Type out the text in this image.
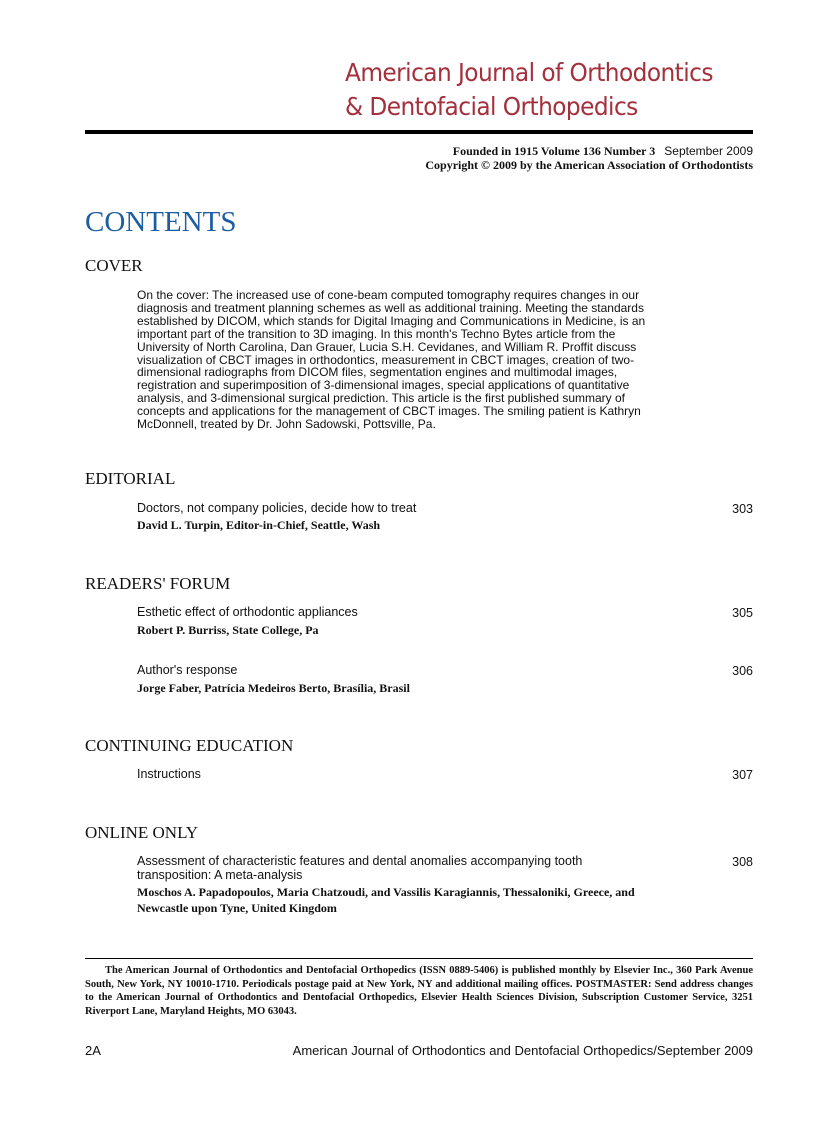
American Journal of Orthodontics
& Dentofacial Orthopedics
Founded in 1915 Volume 136 Number 3 September 2009
Copyright © 2009 by the American Association of Orthodontists
CONTENTS
COVER
On the cover: The increased use of cone-beam computed tomography requires changes in our
diagnosis and treatment planning schemes as well as additional training. Meeting the standards
established by DICOM, which stands for Digital Imaging and Communications in Medicine, is an
important part of the transition to 3D imaging. In this month's Techno Bytes article from the
University of North Carolina, Dan Grauer, Lucia S.H. Cevidanes, and William R. Proffit discuss
visualization of CBCT images in orthodontics, measurement in CBCT images, creation of two-
dimensional radiographs from DICOM files, segmentation engines and multimodal images,
registration and superimposition of 3-dimensional images, special applications of quantitative
analysis, and 3-dimensional surgical prediction. This article is the first published summary of
concepts and applications for the management of CBCT images. The smiling patient is Kathryn
McDonnell, treated by Dr. John Sadowski, Pottsville, Pa.
EDITORIAL
Doctors, not company policies, decide how to treat
David L. Turpin, Editor-in-Chief, Seattle, Wash
303
READERS' FORUM
Esthetic effect of orthodontic appliances
Robert P. Burriss, State College, Pa
305
Author's response
Jorge Faber, Patrícia Medeiros Berto, Brasília, Brasil
306
CONTINUING EDUCATION
Instructions	307
ONLINE ONLY
Assessment of characteristic features and dental anomalies accompanying tooth transposition: A meta-analysis
Moschos A. Papadopoulos, Maria Chatzoudi, and Vassilis Karagiannis, Thessaloniki, Greece, and Newcastle upon Tyne, United Kingdom
308
The American Journal of Orthodontics and Dentofacial Orthopedics (ISSN 0889-5406) is published monthly by Elsevier Inc., 360 Park Avenue South, New York, NY 10010-1710. Periodicals postage paid at New York, NY and additional mailing offices. POSTMASTER: Send address changes to the American Journal of Orthodontics and Dentofacial Orthopedics, Elsevier Health Sciences Division, Subscription Customer Service, 3251 Riverport Lane, Maryland Heights, MO 63043.
2A	American Journal of Orthodontics and Dentofacial Orthopedics/September 2009
